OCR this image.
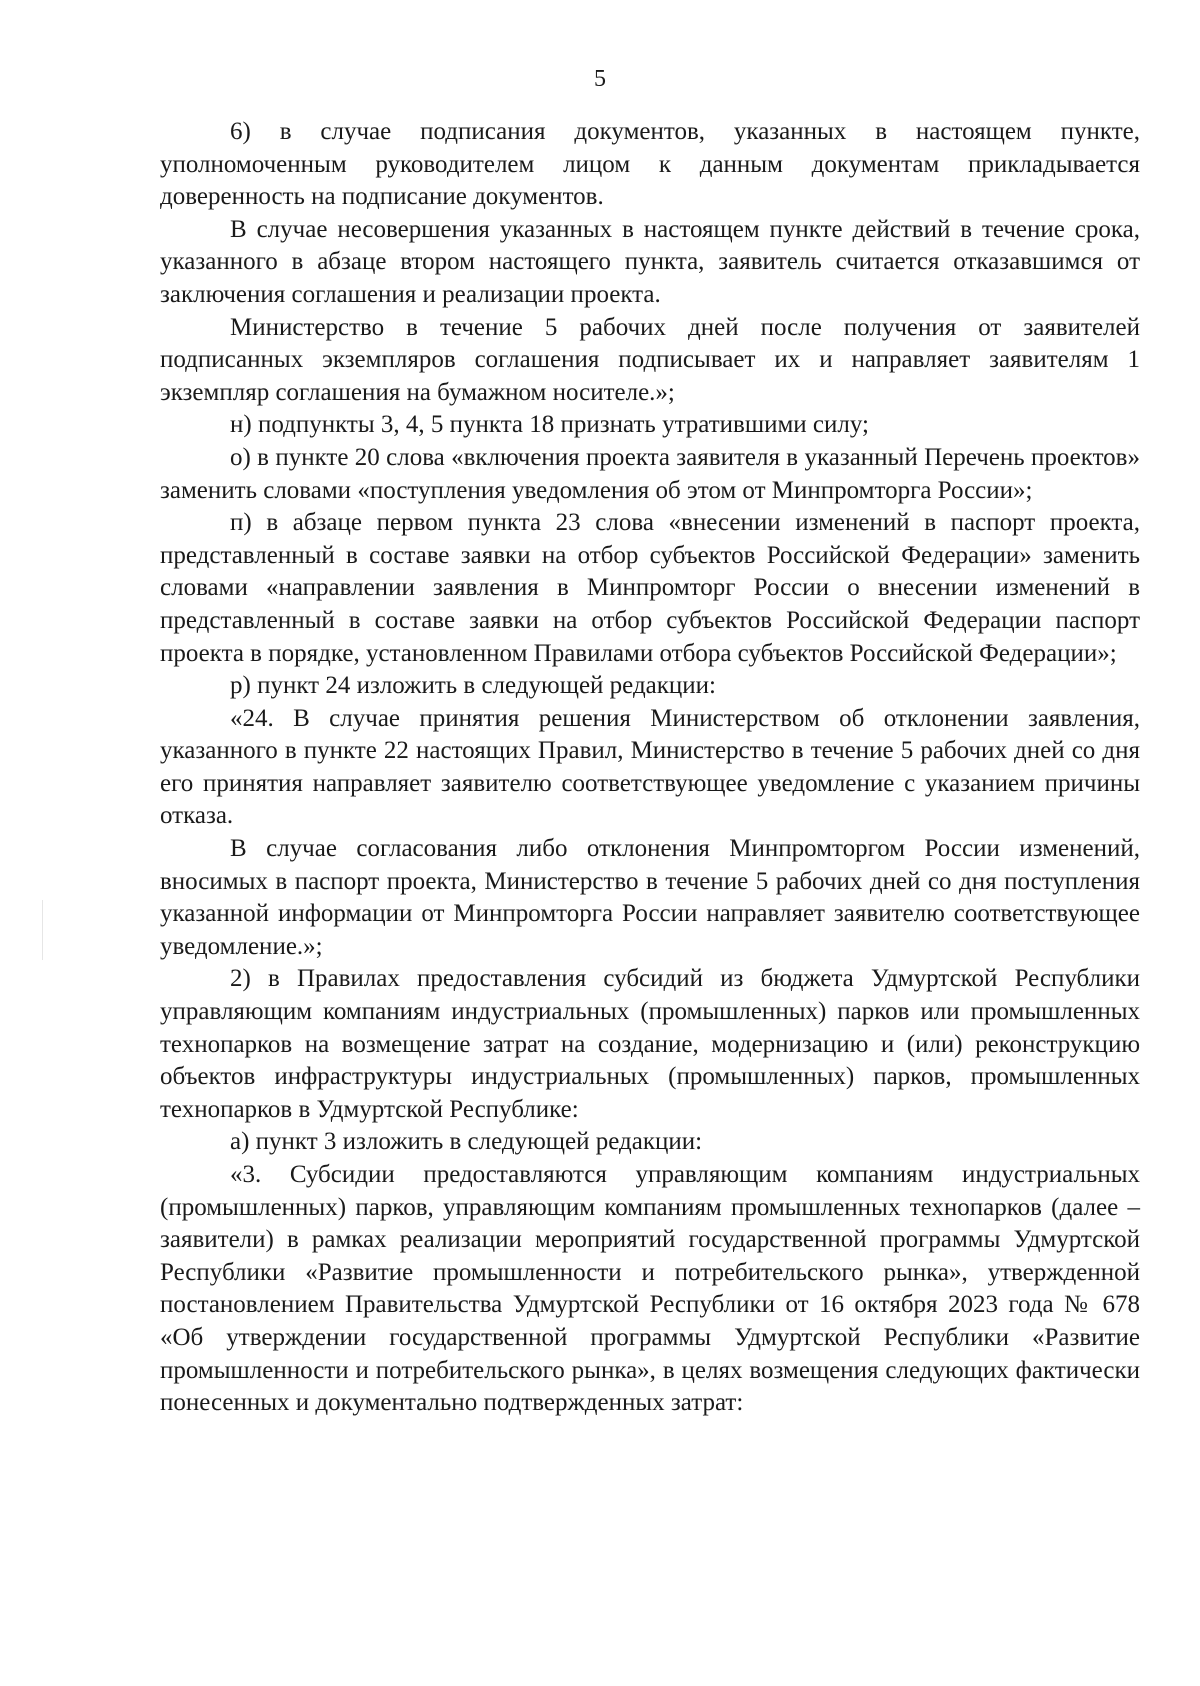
5

6) в случае подписания документов, указанных в настоящем пункте, уполномоченным руководителем лицом к данным документам прикладывается доверенность на подписание документов.

В случае несовершения указанных в настоящем пункте действий в течение срока, указанного в абзаце втором настоящего пункта, заявитель считается отказавшимся от заключения соглашения и реализации проекта.

Министерство в течение 5 рабочих дней после получения от заявителей подписанных экземпляров соглашения подписывает их и направляет заявителям 1 экземпляр соглашения на бумажном носителе.»;

н) подпункты 3, 4, 5 пункта 18 признать утратившими силу;

о) в пункте 20 слова «включения проекта заявителя в указанный Перечень проектов» заменить словами «поступления уведомления об этом от Минпромторга России»;

п) в абзаце первом пункта 23 слова «внесении изменений в паспорт проекта, представленный в составе заявки на отбор субъектов Российской Федерации» заменить словами «направлении заявления в Минпромторг России о внесении изменений в представленный в составе заявки на отбор субъектов Российской Федерации паспорт проекта в порядке, установленном Правилами отбора субъектов Российской Федерации»;

р) пункт 24 изложить в следующей редакции:

«24. В случае принятия решения Министерством об отклонении заявления, указанного в пункте 22 настоящих Правил, Министерство в течение 5 рабочих дней со дня его принятия направляет заявителю соответствующее уведомление с указанием причины отказа.

В случае согласования либо отклонения Минпромторгом России изменений, вносимых в паспорт проекта, Министерство в течение 5 рабочих дней со дня поступления указанной информации от Минпромторга России направляет заявителю соответствующее уведомление.»;

2) в Правилах предоставления субсидий из бюджета Удмуртской Республики управляющим компаниям индустриальных (промышленных) парков или промышленных технопарков на возмещение затрат на создание, модернизацию и (или) реконструкцию объектов инфраструктуры индустриальных (промышленных) парков, промышленных технопарков в Удмуртской Республике:

а) пункт 3 изложить в следующей редакции:

«3. Субсидии предоставляются управляющим компаниям индустриальных (промышленных) парков, управляющим компаниям промышленных технопарков (далее – заявители) в рамках реализации мероприятий государственной программы Удмуртской Республики «Развитие промышленности и потребительского рынка», утвержденной постановлением Правительства Удмуртской Республики от 16 октября 2023 года № 678 «Об утверждении государственной программы Удмуртской Республики «Развитие промышленности и потребительского рынка», в целях возмещения следующих фактически понесенных и документально подтвержденных затрат:
